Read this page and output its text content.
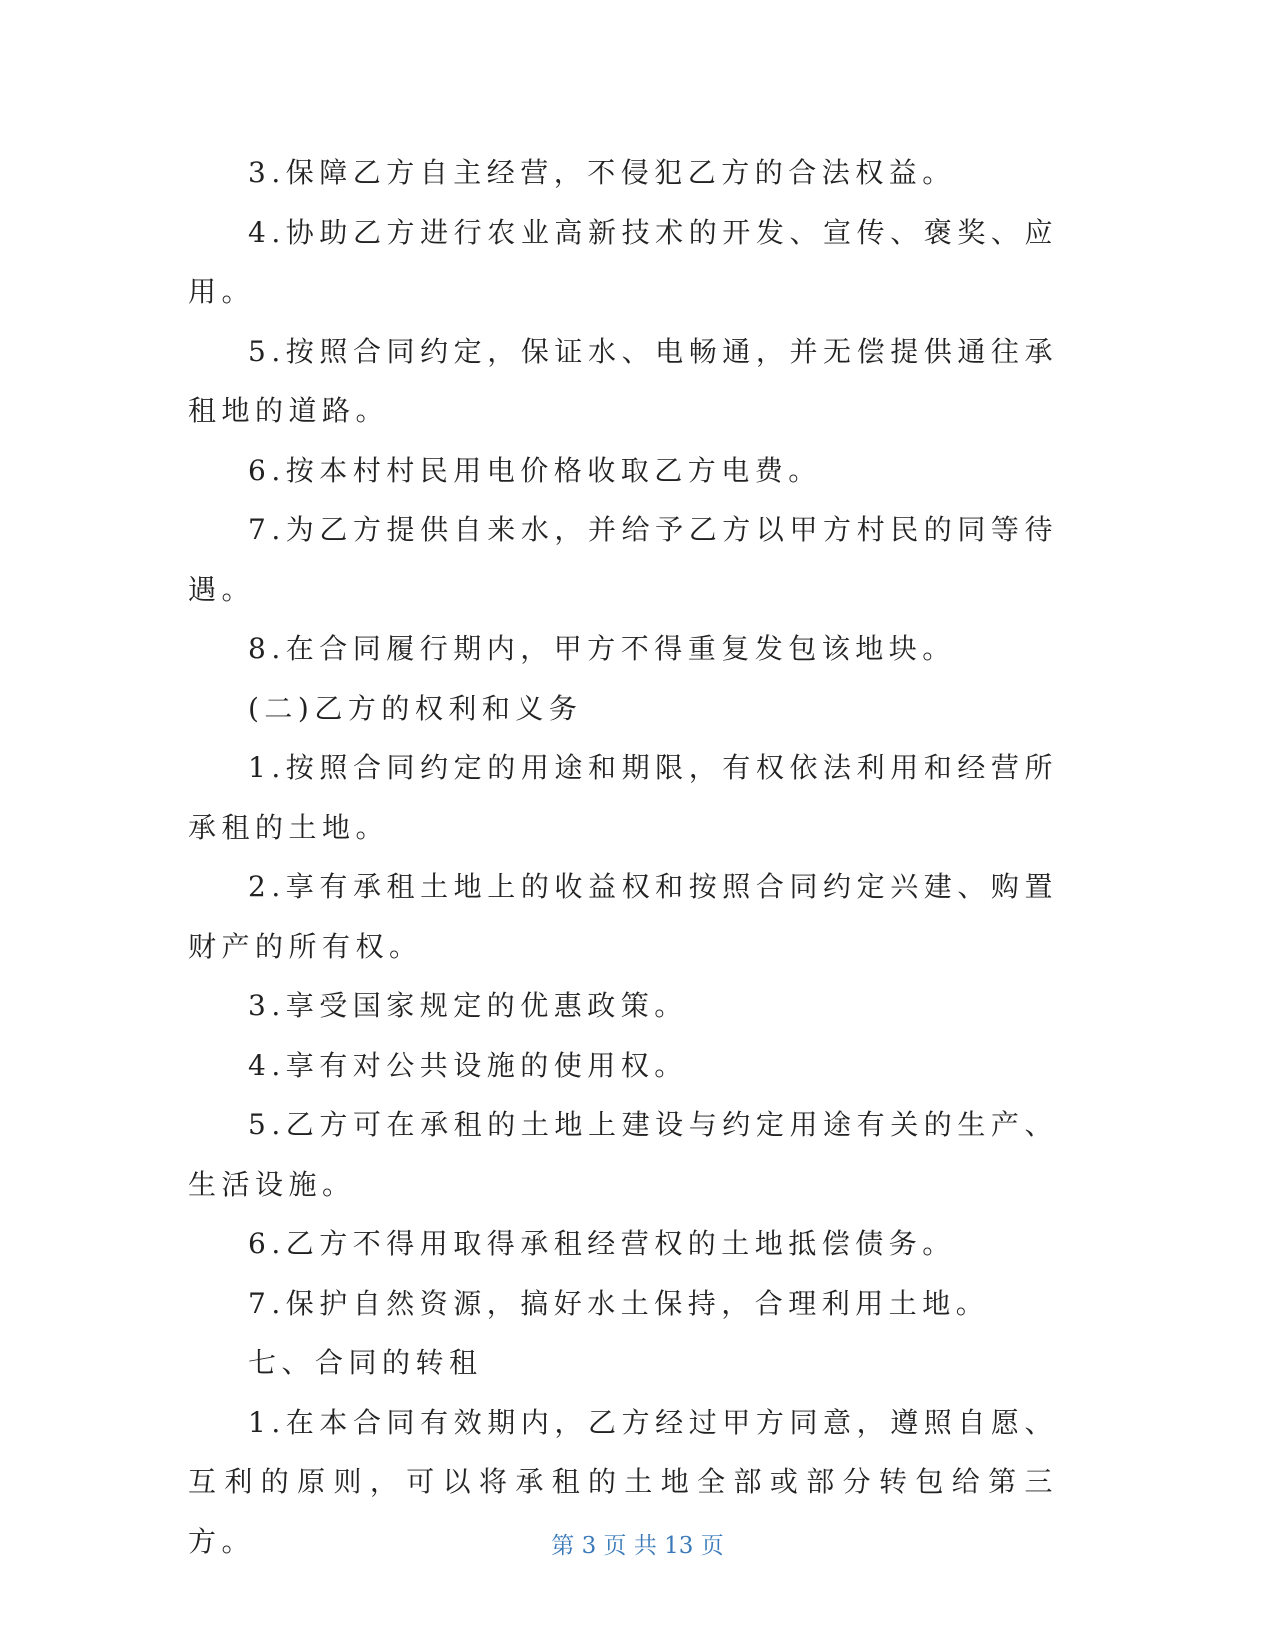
3.保障乙方自主经营，不侵犯乙方的合法权益。

4.协助乙方进行农业高新技术的开发、宣传、褒奖、应用。

5.按照合同约定，保证水、电畅通，并无偿提供通往承租地的道路。

6.按本村村民用电价格收取乙方电费。

7.为乙方提供自来水，并给予乙方以甲方村民的同等待遇。

8.在合同履行期内，甲方不得重复发包该地块。

(二)乙方的权利和义务

1.按照合同约定的用途和期限，有权依法利用和经营所承租的土地。

2.享有承租土地上的收益权和按照合同约定兴建、购置财产的所有权。

3.享受国家规定的优惠政策。

4.享有对公共设施的使用权。

5.乙方可在承租的土地上建设与约定用途有关的生产、生活设施。

6.乙方不得用取得承租经营权的土地抵偿债务。

7.保护自然资源，搞好水土保持，合理利用土地。

七、合同的转租

1.在本合同有效期内，乙方经过甲方同意，遵照自愿、互利的原则，可以将承租的土地全部或部分转包给第三方。	第 3 页 共 13 页
